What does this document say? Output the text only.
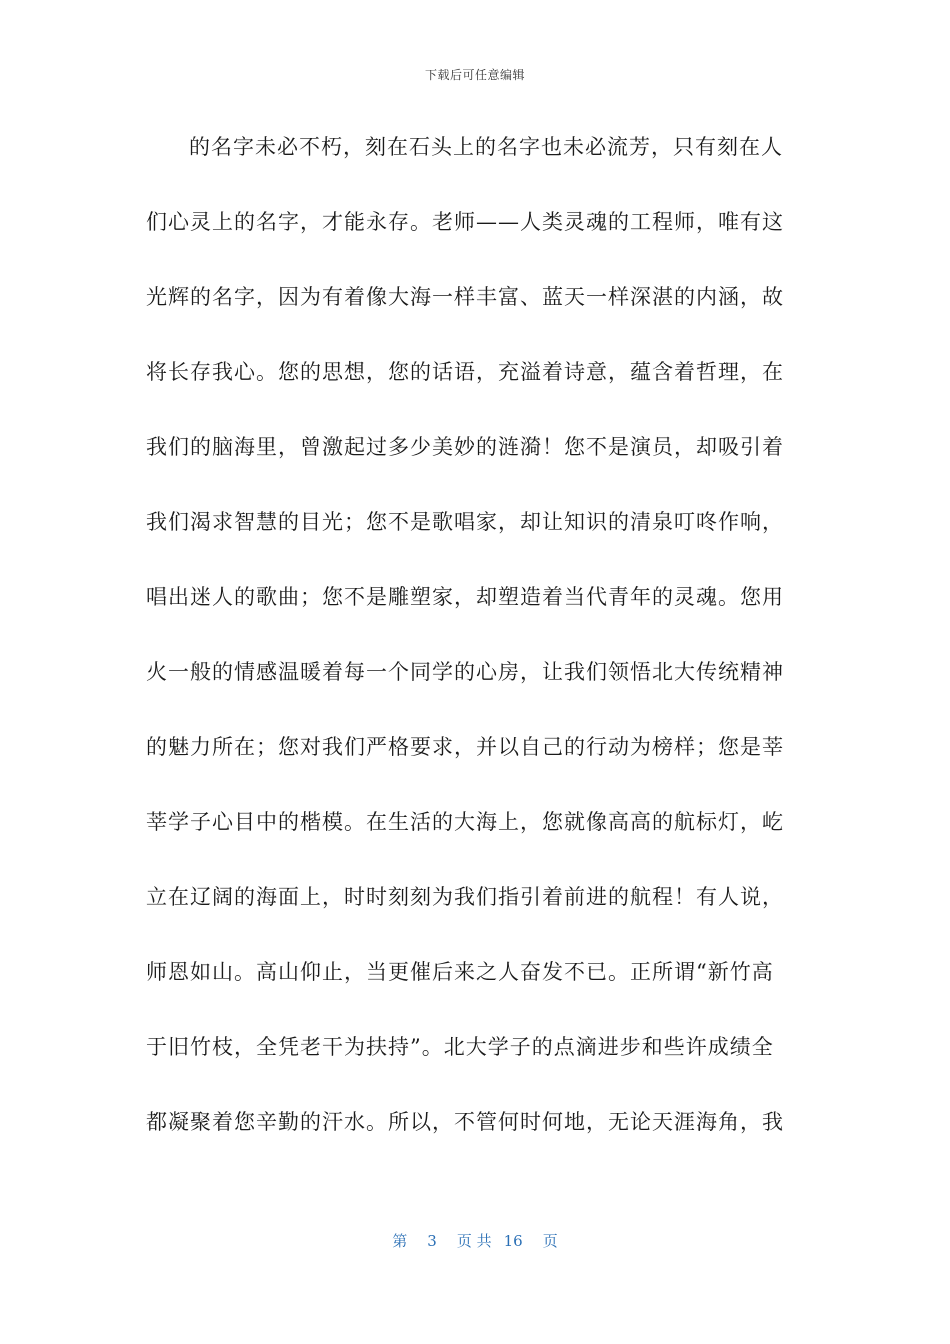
下载后可任意编辑
的名字未必不朽，刻在石头上的名字也未必流芳，只有刻在人
们心灵上的名字，才能永存。老师——人类灵魂的工程师，唯有这
光辉的名字，因为有着像大海一样丰富、蓝天一样深湛的内涵，故
将长存我心。您的思想，您的话语，充溢着诗意，蕴含着哲理，在
我们的脑海里，曾激起过多少美妙的涟漪！您不是演员，却吸引着
我们渴求智慧的目光；您不是歌唱家，却让知识的清泉叮咚作响，
唱出迷人的歌曲；您不是雕塑家，却塑造着当代青年的灵魂。您用
火一般的情感温暖着每一个同学的心房，让我们领悟北大传统精神
的魅力所在；您对我们严格要求，并以自己的行动为榜样；您是莘
莘学子心目中的楷模。在生活的大海上，您就像高高的航标灯，屹
立在辽阔的海面上，时时刻刻为我们指引着前进的航程！有人说，
师恩如山。高山仰止，当更催后来之人奋发不已。正所谓“新竹高
于旧竹枝，全凭老干为扶持”。北大学子的点滴进步和些许成绩全
都凝聚着您辛勤的汗水。所以，不管何时何地，无论天涯海角，我
第 3 页 共 16 页
